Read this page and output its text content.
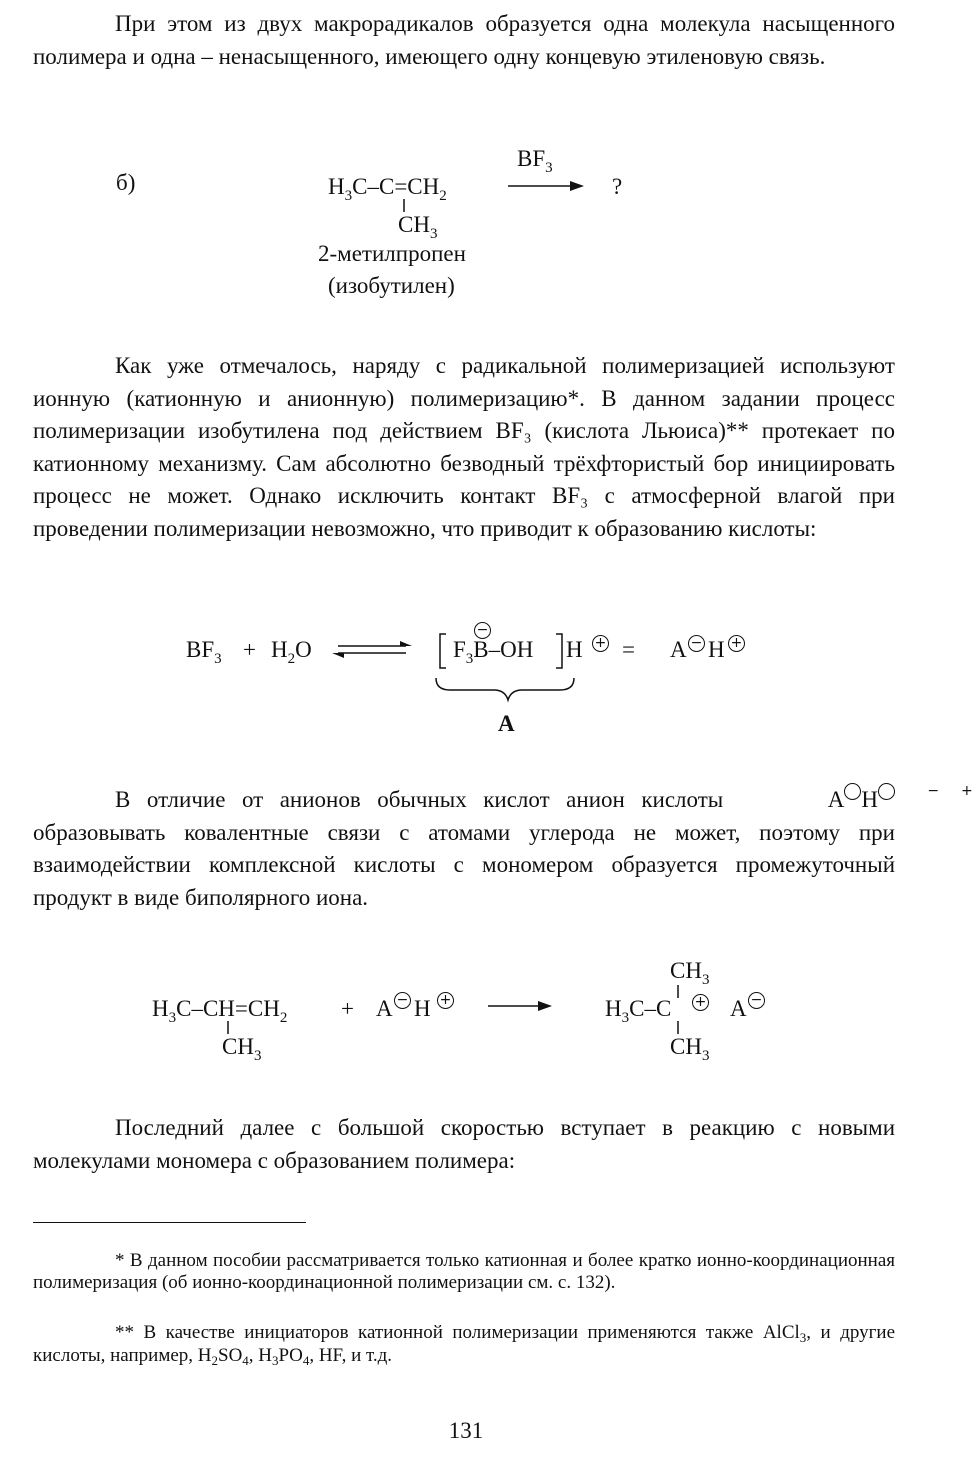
При этом из двух макрорадикалов образуется одна молекула насыщенного полимера и одна – ненасыщенного, имеющего одну концевую этиленовую связь.

б)	$H_3C-C=CH_2$
$CH_3$
$BF_3$
?
2-метилпропен
(изобутилен)

Как уже отмечалось, наряду с радикальной полимеризацией используют ионную (катионную и анионную) полимеризацию*. В данном задании процесс полимеризации изобутилена под действием BF₃ (кислота Льюиса)** протекает по катионному механизму. Сам абсолютно безводный трёхфтористый бор инициировать процесс не может. Однако исключить контакт BF₃ с атмосферной влагой при проведении полимеризации невозможно, что приводит к образованию кислоты:

$BF_3 + H_2O$	$F_3B-OH$
−
H + = A − H +
A

В отличие от анионов обычных кислот анион кислоты	A	−H	+ образовывать ковалентные связи с атомами углерода не может, поэтому при взаимодействии комплексной кислоты с мономером образуется промежуточный продукт в виде биполярного иона.

$H_3C-CH=CH_2$
$CH_3$
+ A − H +
$CH_3$
$H_3C-C + A$ −
$CH_3$

Последний далее с большой скоростью вступает в реакцию с новыми молекулами мономера с образованием полимера:

* В данном пособии рассматривается только катионная и более кратко ионно-координационная полимеризация (об ионно-координационной полимеризации см. с. 132).

** В качестве инициаторов катионной полимеризации применяются также AlCl$_3$, и другие кислоты, например, $H_2SO_4$, $H_3PO_4$, HF, и т.д.

131
